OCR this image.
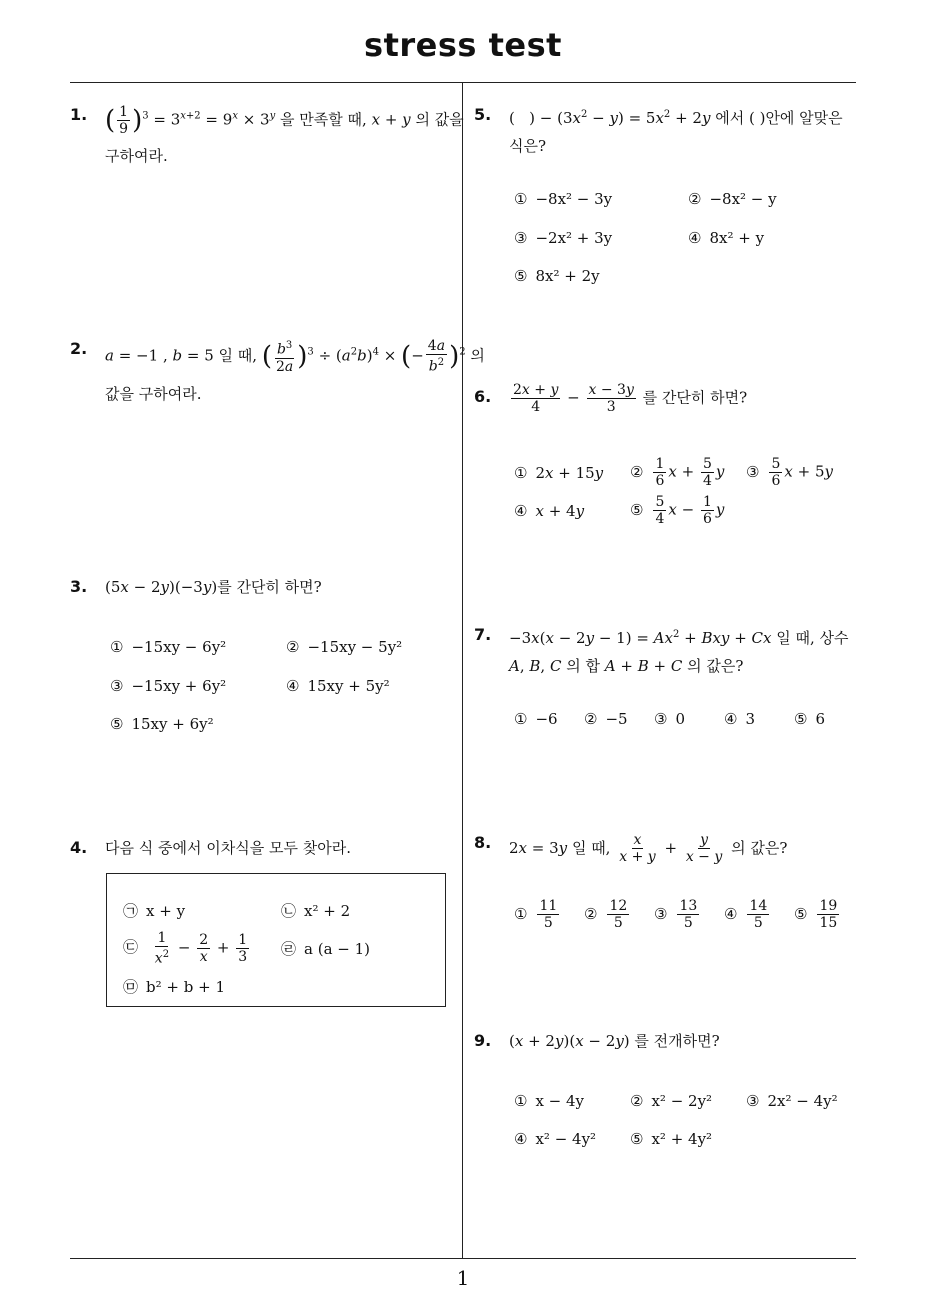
stress test
1
1. ( $\frac{1}{9} )^3 = 3^{x+2} = 9^x \times 3^y$ 을 만족할 때, x + y 의 값을
구하여라.
2. a = −1 , b = 5 일 때, ( $\frac{b^3}{2a} )^3 \div (a^2b)^4$ × (− $\frac{4a}{b^2} )^2$ 의
값을 구하여라.
3. (5x − 2y)(−3y)를 간단히 하면?
① −15xy − 6y²	② −15xy − 5y²
③ −15xy + 6y²	④ 15xy + 5y²
⑤ 15xy + 6y²
4. 다음 식 중에서 이차식을 모두 찾아라.
㉠ x + y	㉡ x² + 2
㉢ $\frac{1}{x^2} - \frac{2}{x} + \frac{1}{3}$ ㉣ a (a − 1)
㉤ b² + b + 1
5. (   ) − $(3x^2 - y) = 5x^2 + 2y$ 에서 ( )안에 알맞은
식은?
① −8x² − 3y	② −8x² − y
③ −2x² + 3y	④ 8x² + y
⑤ 8x² + 2y
6. $\frac{2x + y}{4} - \frac{x - 3y}{3}$ 를 간단히 하면?
① 2x + 15y ② $\frac{1}{6}$ $x + \frac{5}{4}$ y ③ $\frac{5}{6}$ x + 5y
④ x + 4y	⑤ $\frac{5}{4}$ $x - \frac{1}{6}$ y
7. $-3x(x - 2y - 1) = Ax^2$ + Bxy + Cx 일 때, 상수
A, B, C 의 합 A + B + C 의 값은?
① −6 ② −5 ③ 0	④ 3	⑤ 6
8. 2x = 3y 일 때, $\frac{x}{x + y} + \frac{y}{x - y}$ 의 값은?
① $\frac{11}{5}$ ② $\frac{12}{5}$ ③ $\frac{13}{5}$ ④ $\frac{14}{5}$ ⑤ $\frac{19}{15}$
9. (x + 2y)(x − 2y) 를 전개하면?
① x − 4y	② x² − 2y² ③ 2x² − 4y²
④ x² − 4y² ⑤ x² + 4y²
